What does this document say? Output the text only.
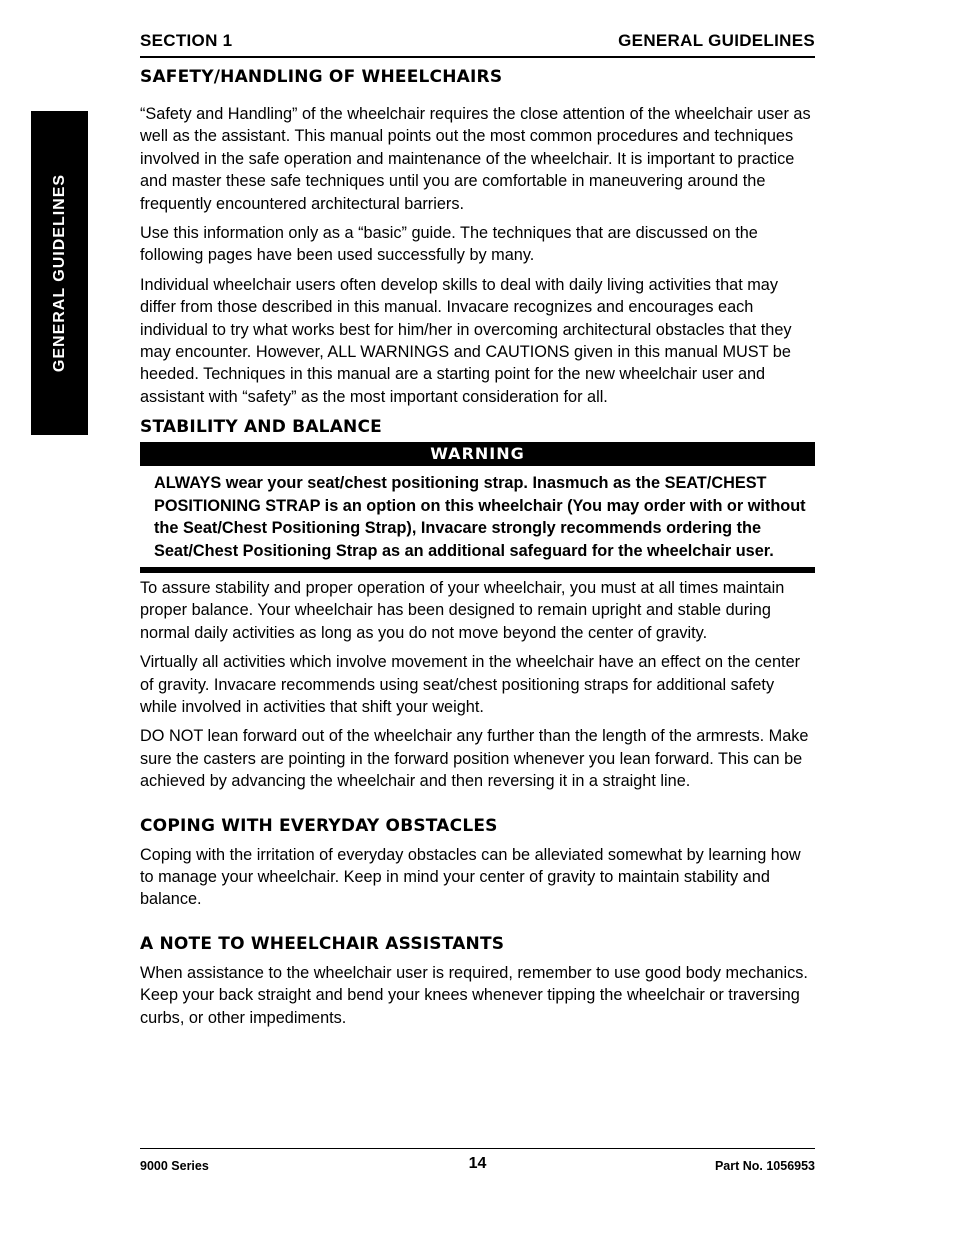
GENERAL GUIDELINES
SECTION 1	GENERAL GUIDELINES
SAFETY/HANDLING OF WHEELCHAIRS

“Safety and Handling” of the wheelchair requires the close attention of the wheelchair user as well as the assistant. This manual points out the most common procedures and techniques involved in the safe operation and maintenance of the wheelchair. It is important to practice and master these safe techniques until you are comfortable in maneuvering around the frequently encountered architectural barriers.

Use this information only as a “basic” guide. The techniques that are discussed on the following pages have been used successfully by many.

Individual wheelchair users often develop skills to deal with daily living activities that may differ from those described in this manual. Invacare recognizes and encourages each individual to try what works best for him/her in overcoming architectural obstacles that they may encounter. However, ALL WARNINGS and CAUTIONS given in this manual MUST be heeded. Techniques in this manual are a starting point for the new wheelchair user and assistant with “safety” as the most important consideration for all.

STABILITY AND BALANCE
WARNING
ALWAYS wear your seat/chest positioning strap. Inasmuch as the SEAT/CHEST POSITIONING STRAP is an option on this wheelchair (You may order with or without the Seat/Chest Positioning Strap), Invacare strongly recommends ordering the Seat/Chest Positioning Strap as an additional safeguard for the wheelchair user.

To assure stability and proper operation of your wheelchair, you must at all times maintain proper balance. Your wheelchair has been designed to remain upright and stable during normal daily activities as long as you do not move beyond the center of gravity.

Virtually all activities which involve movement in the wheelchair have an effect on the center of gravity. Invacare recommends using seat/chest positioning straps for additional safety while involved in activities that shift your weight.

DO NOT lean forward out of the wheelchair any further than the length of the armrests. Make sure the casters are pointing in the forward position whenever you lean forward. This can be achieved by advancing the wheelchair and then reversing it in a straight line.

COPING WITH EVERYDAY OBSTACLES

Coping with the irritation of everyday obstacles can be alleviated somewhat by learning how to manage your wheelchair. Keep in mind your center of gravity to maintain stability and balance.

A NOTE TO WHEELCHAIR ASSISTANTS

When assistance to the wheelchair user is required, remember to use good body mechanics. Keep your back straight and bend your knees whenever tipping the wheelchair or traversing curbs, or other impediments.

9000 Series	14	Part No. 1056953
